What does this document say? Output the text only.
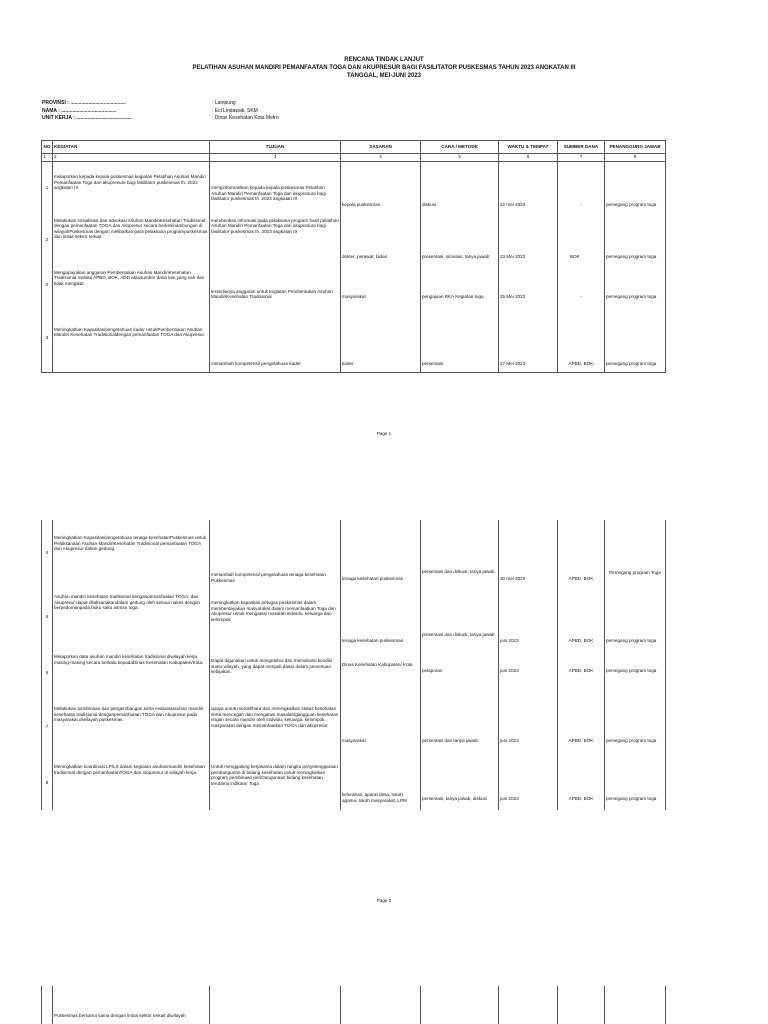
RENCANA TINDAK LANJUT
PELATIHAN ASUHAN MANDIRI PEMANFAATAN TOGA DAN AKUPRESUR BAGI FASILITATOR PUSKESMAS TAHUN 2023 ANGKATAN III
TANGGAL, MEI-JUNI 2023
PROVINSI : ........................................
NAMA : ........................................
UNIT KERJA : ........................................
: Lampung
: Eci Lindawati, SKM
: Dinas Kesehatan Kota Metro
NO	KEGIATAN	TUJUAN	SASARAN	CARA / METODE	WAKTU & TEMPAT	SUMBER DANA	PENANGGUNG JAWAB
1	2	3	4	5	6	7	8
1	melaporkan kepada kepala puskesmas kegiatan Pelatihan Asuhan Mandiri Pemanfaatan Toga dan akupresure bagi fasilitator puskesmas th. 2023 angkatan III	menginformasikan kepada kepala puskesmas Pelatihan Asuhan Mandiri Pemanfaatan Toga dan akupresure bagi fasilitator puskesmas th. 2023 angkatan III	kepala puskesmas	diskusi	22 mei 2023	-	pemegang program toga
2	Melakukan sosialisasi dan advokasi Asuhan MandiriKesehatan Tradisional dengan pemanfaatan TOGA dan Akupresur secara berkesinambungan di wilayahPuskesmas dengan melibatkan para pelaksana programpuskesmas dan lintas sektor terkait.	memberikan informasi pada pelaksana program hasil pelatihan Asuhan Mandiri Pemanfaatan Toga dan akupresure bagi fasilitator puskesmas th. 2023 angkatan III	dokter, perawat, bidan	presentasi, simulasi, tanya jawab	23 Mei 2023	BOK	pemegang program toga
2	Mengupayakan anggaran Pembentukan Asuhan MandiriKesehatan Tradisional melalui APBD, BOK, ADD atausumber dana lain yang sah dan tidak mengikat.	tersedianya anggaran untuk kegiatan Pembentukan Asuhan MandiriKesehatan Tradisional	masyarakat	pengajuan RKA Kegiatan toga	25 Mei 2023	-	pemegang program toga
3	Meningkatkan Kapasitas/pengetahuan kader untukPembentukan Asuhan Mandiri Kesehatan Tradisionaldengan pemanfaatan TOGA dan Akupresur.	menambah kompetensi/ pengetahuan kader	kader	persentasi	27 Mei 2023	APBD, BOK	pemegang program toga
Page 1
4	Meningkatkan Kapasitas/pengetahuan tenaga kesehatanPuskesmas untuk Pelaksanaan Asuhan MandiriKesehatan Tradisional pemanfaatan TOGA dan Akupresur dalam gedung.	menambah kompetensi/ pengetahuan tenaga kesehatan Puskesmas	tenaga kesehatan puskesmas	persentasi dan diskusi, tanya jawab	30 mei 2023	APBD, BOK	Pemegang program Toga
5	Asuhan mandiri kesehatan tradisional denganpemanfaatan TOGA, dan Akupresur dapat dilaksanakandalam gedung oleh semua nakes dengan berpedomanpada buku saku asman toga.	meningkatkan kapasitas petugas puskesmas dalam memberdayakan masyarakat dalam memanfaatkan Toga dan Akupresur untuk mengatasi masalah individu, keluarga dan kelompok	tenaga kesehatan puskesmas	presentasi dan diskusi, tanya jawab	juni 2023	APBD, BOK	pemegang program toga
6	Melaporkan data asuhan mandiri kesehatan tradisional diwilayah kerja masing-masing secara berkala kepadaDinas Kesehatan Kabupaten/Kota.	Dapat digunakan untuk mengetahui dan memahami kondisi suatu wilayah, yang dapat menjadi dasar dalam penentuan kebijakan.	Dinas Kesehatan Kabupaten/ Kota	pelaporan	juni 2023	APBD, BOK	pemegang program toga
7	Melakukan pembinaan dan pengembangan serta evaluasiasuhan mandiri kesehatan tradisional denganpemanfaatan TOGA dan Akupresur pada masyarakat diwilayah puskesmas.	upaya untuk memelihara dan meningkatkan status kesehatan serta mencegah dan mengatasi masalah/gangguan kesehatan ringan secara mandiri oleh individu, keluarga, kelompok, masyarakat dengan memanfaatkan TOGA dan akupresur.	masyarakat	persentasi dan tanya jawab	juni 2023	APBD, BOK	pemegang program toga
8	Meningkatkan koordinasi LP/LS dalam kegiatan asuhanmandiri kesehatan tradisional dengan pemanfaatanTOGA dan Akupresur di wilayah kerja.	Untuk menggalang kerjasama dalam rangka penyelenggaraan pembangunan di bidang kesehatan untuk meningkatkan program pembinaan pembangunaan bidang kesehatan terutama indikator Toga	kelurahan, aparat desa, tokoh agama, tokoh masyarakat, LPM	persentasi, tanya jawab, diskusi	juni 2023	APBD, BOK	pemegang program toga
Page 2
	Puskesmas bersama sama dengan lintas sektor terkait diwilayah						
